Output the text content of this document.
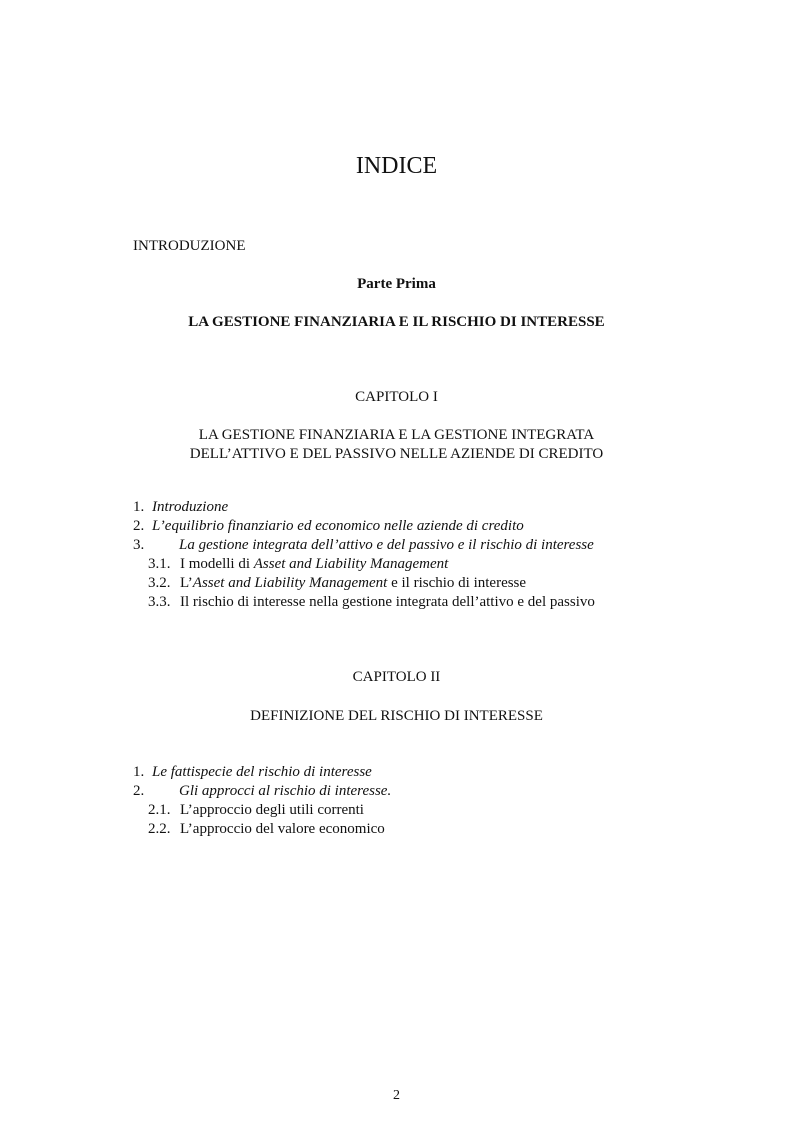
INDICE
INTRODUZIONE
Parte Prima
LA GESTIONE FINANZIARIA E IL RISCHIO DI INTERESSE
CAPITOLO I
LA GESTIONE FINANZIARIA E LA GESTIONE INTEGRATA
DELL’ATTIVO E DEL PASSIVO NELLE AZIENDE DI CREDITO
1. Introduzione
2. L’equilibrio finanziario ed economico nelle aziende di credito
3. La gestione integrata dell’attivo e del passivo e il rischio di interesse
3.1. I modelli di Asset and Liability Management
3.2. L’Asset and Liability Management e il rischio di interesse
3.3. Il rischio di interesse nella gestione integrata dell’attivo e del passivo
CAPITOLO II
DEFINIZIONE DEL RISCHIO DI INTERESSE
1. Le fattispecie del rischio di interesse
2. Gli approcci al rischio di interesse.
2.1. L’approccio degli utili correnti
2.2. L’approccio del valore economico
2
